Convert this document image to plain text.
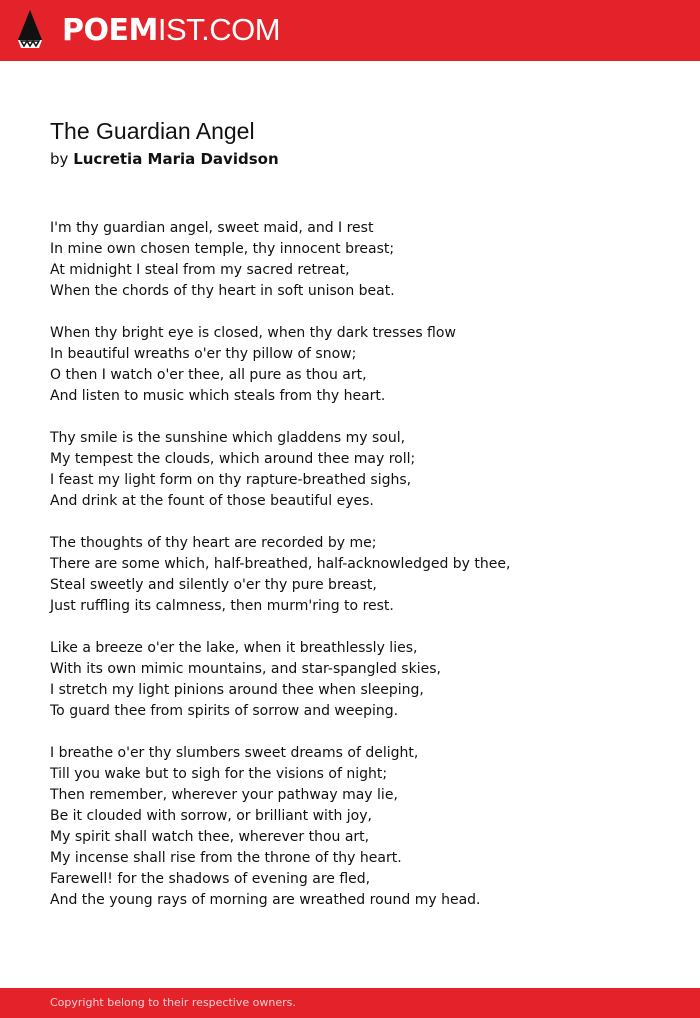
POEMIST.COM
The Guardian Angel
by Lucretia Maria Davidson
I'm thy guardian angel, sweet maid, and I rest
In mine own chosen temple, thy innocent breast;
At midnight I steal from my sacred retreat,
When the chords of thy heart in soft unison beat.
When thy bright eye is closed, when thy dark tresses flow
In beautiful wreaths o'er thy pillow of snow;
O then I watch o'er thee, all pure as thou art,
And listen to music which steals from thy heart.
Thy smile is the sunshine which gladdens my soul,
My tempest the clouds, which around thee may roll;
I feast my light form on thy rapture-breathed sighs,
And drink at the fount of those beautiful eyes.
The thoughts of thy heart are recorded by me;
There are some which, half-breathed, half-acknowledged by thee,
Steal sweetly and silently o'er thy pure breast,
Just ruffling its calmness, then murm'ring to rest.
Like a breeze o'er the lake, when it breathlessly lies,
With its own mimic mountains, and star-spangled skies,
I stretch my light pinions around thee when sleeping,
To guard thee from spirits of sorrow and weeping.
I breathe o'er thy slumbers sweet dreams of delight,
Till you wake but to sigh for the visions of night;
Then remember, wherever your pathway may lie,
Be it clouded with sorrow, or brilliant with joy,
My spirit shall watch thee, wherever thou art,
My incense shall rise from the throne of thy heart.
Farewell! for the shadows of evening are fled,
And the young rays of morning are wreathed round my head.
Copyright belong to their respective owners.
